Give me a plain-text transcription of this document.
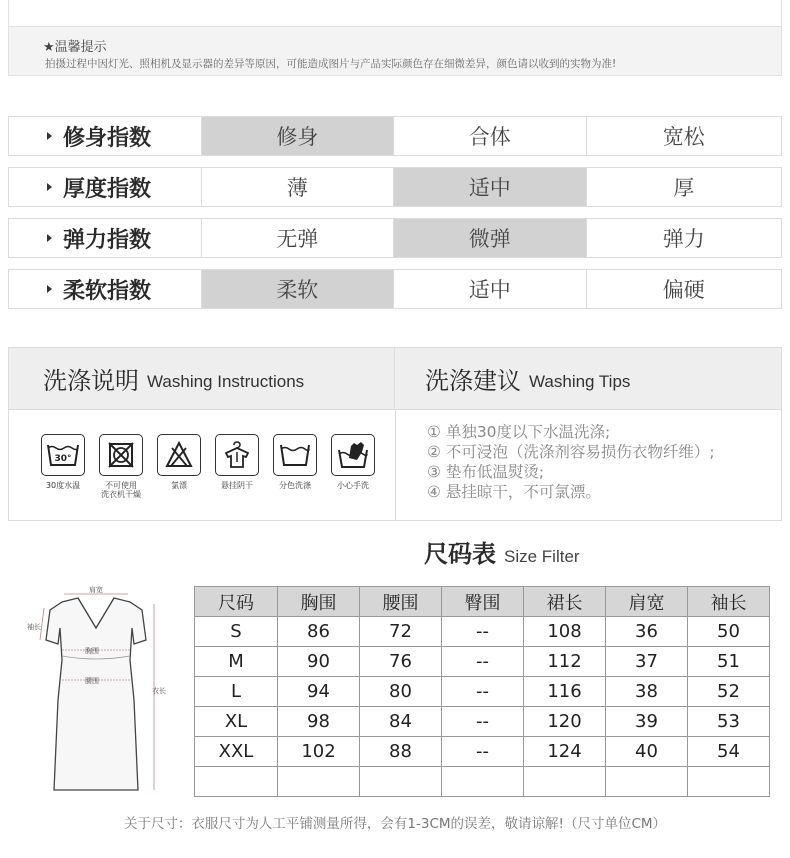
★温馨提示
拍摄过程中因灯光、照相机及显示器的差异等原因，可能造成图片与产品实际颜色存在细微差异，颜色请以收到的实物为准!
修身指数	修身	合体	宽松
厚度指数	薄	适中	厚
弹力指数	无弹	微弹	弹力
柔软指数	柔软	适中	偏硬
洗涤说明 Washing Instructions	洗涤建议 Washing Tips
30°
30度水温	不可使用
洗衣机干燥
氯漂	悬挂阴干	分色洗涤	小心手洗
① 单独30度以下水温洗涤;
② 不可浸泡（洗涤剂容易损伤衣物纤维）;
③ 垫布低温熨烫;
④ 悬挂晾干，不可氯漂。
尺码表 Size Filter
肩宽
袖长
胸围
腰围
衣长
尺码	胸围	腰围	臀围	裙长	肩宽	袖长
S	86	72	--	108	36	50
M	90	76	--	112	37	51
L	94	80	--	116	38	52
XL	98	84	--	120	39	53
XXL	102	88	--	124	40	54

关于尺寸：衣服尺寸为人工平铺测量所得，会有1-3CM的误差，敬请谅解!（尺寸单位CM）
